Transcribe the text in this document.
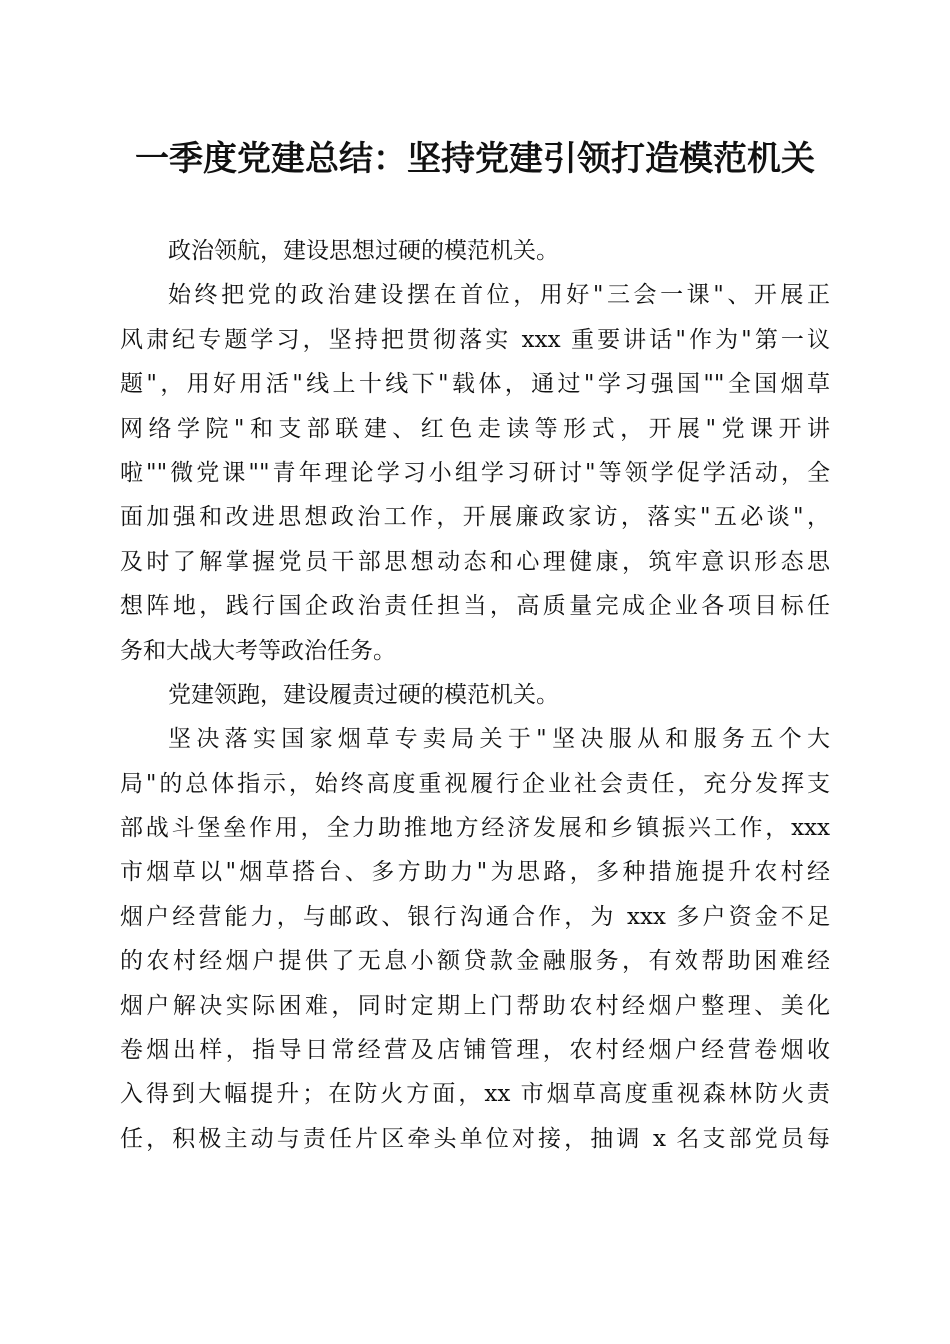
一季度党建总结：坚持党建引领打造模范机关
政治领航，建设思想过硬的模范机关。
始终把党的政治建设摆在首位，用好"三会一课"、开展正
风肃纪专题学习，坚持把贯彻落实 xxx 重要讲话"作为"第一议
题"，用好用活"线上十线下"载体，通过"学习强国""全国烟草
网络学院"和支部联建、红色走读等形式，开展"党课开讲
啦""微党课""青年理论学习小组学习研讨"等领学促学活动，全
面加强和改进思想政治工作，开展廉政家访，落实"五必谈"，
及时了解掌握党员干部思想动态和心理健康，筑牢意识形态思
想阵地，践行国企政治责任担当，高质量完成企业各项目标任
务和大战大考等政治任务。
党建领跑，建设履责过硬的模范机关。
坚决落实国家烟草专卖局关于"坚决服从和服务五个大
局"的总体指示，始终高度重视履行企业社会责任，充分发挥支
部战斗堡垒作用，全力助推地方经济发展和乡镇振兴工作，xxx
市烟草以"烟草搭台、多方助力"为思路，多种措施提升农村经
烟户经营能力，与邮政、银行沟通合作，为 xxx 多户资金不足
的农村经烟户提供了无息小额贷款金融服务，有效帮助困难经
烟户解决实际困难，同时定期上门帮助农村经烟户整理、美化
卷烟出样，指导日常经营及店铺管理，农村经烟户经营卷烟收
入得到大幅提升；在防火方面，xx 市烟草高度重视森林防火责
任，积极主动与责任片区牵头单位对接，抽调 x 名支部党员每
